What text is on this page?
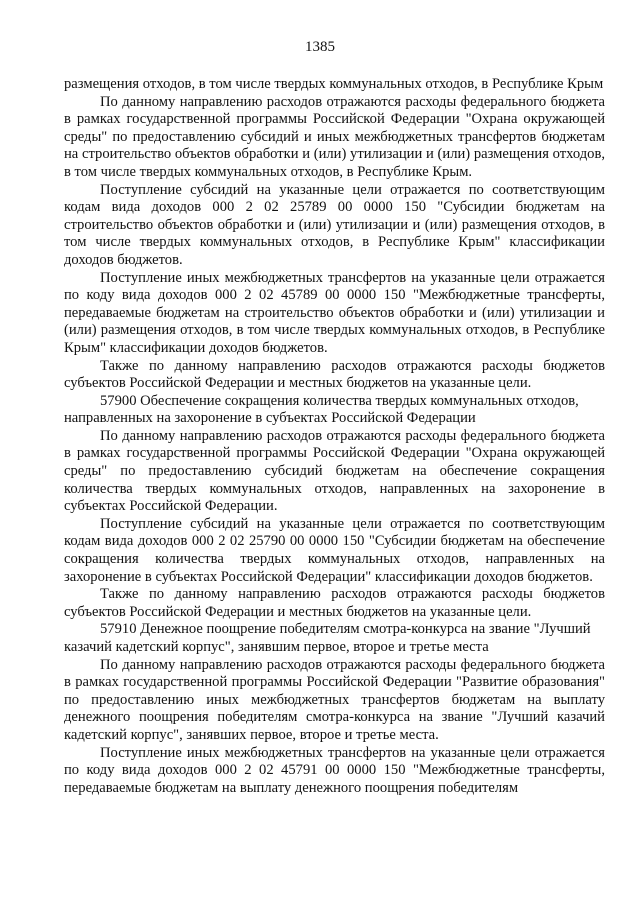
1385

размещения отходов, в том числе твердых коммунальных отходов, в Республике Крым

По данному направлению расходов отражаются расходы федерального бюджета в рамках государственной программы Российской Федерации "Охрана окружающей среды" по предоставлению субсидий и иных межбюджетных трансфертов бюджетам на строительство объектов обработки и (или) утилизации и (или) размещения отходов, в том числе твердых коммунальных отходов, в Республике Крым.

Поступление субсидий на указанные цели отражается по соответствующим кодам вида доходов 000 2 02 25789 00 0000 150 "Субсидии бюджетам на строительство объектов обработки и (или) утилизации и (или) размещения отходов, в том числе твердых коммунальных отходов, в Республике Крым" классификации доходов бюджетов.

Поступление иных межбюджетных трансфертов на указанные цели отражается по коду вида доходов 000 2 02 45789 00 0000 150 "Межбюджетные трансферты, передаваемые бюджетам на строительство объектов обработки и (или) утилизации и (или) размещения отходов, в том числе твердых коммунальных отходов, в Республике Крым" классификации доходов бюджетов.

Также по данному направлению расходов отражаются расходы бюджетов субъектов Российской Федерации и местных бюджетов на указанные цели.

57900 Обеспечение сокращения количества твердых коммунальных отходов, направленных на захоронение в субъектах Российской Федерации

По данному направлению расходов отражаются расходы федерального бюджета в рамках государственной программы Российской Федерации "Охрана окружающей среды" по предоставлению субсидий бюджетам на обеспечение сокращения количества твердых коммунальных отходов, направленных на захоронение в субъектах Российской Федерации.

Поступление субсидий на указанные цели отражается по соответствующим кодам вида доходов 000 2 02 25790 00 0000 150 "Субсидии бюджетам на обеспечение сокращения количества твердых коммунальных отходов, направленных на захоронение в субъектах Российской Федерации" классификации доходов бюджетов.

Также по данному направлению расходов отражаются расходы бюджетов субъектов Российской Федерации и местных бюджетов на указанные цели.

57910 Денежное поощрение победителям смотра-конкурса на звание "Лучший казачий кадетский корпус", занявшим первое, второе и третье места

По данному направлению расходов отражаются расходы федерального бюджета в рамках государственной программы Российской Федерации "Развитие образования" по предоставлению иных межбюджетных трансфертов бюджетам на выплату денежного поощрения победителям смотра-конкурса на звание "Лучший казачий кадетский корпус", занявших первое, второе и третье места.

Поступление иных межбюджетных трансфертов на указанные цели отражается по коду вида доходов 000 2 02 45791 00 0000 150 "Межбюджетные трансферты, передаваемые бюджетам на выплату денежного поощрения победителям
